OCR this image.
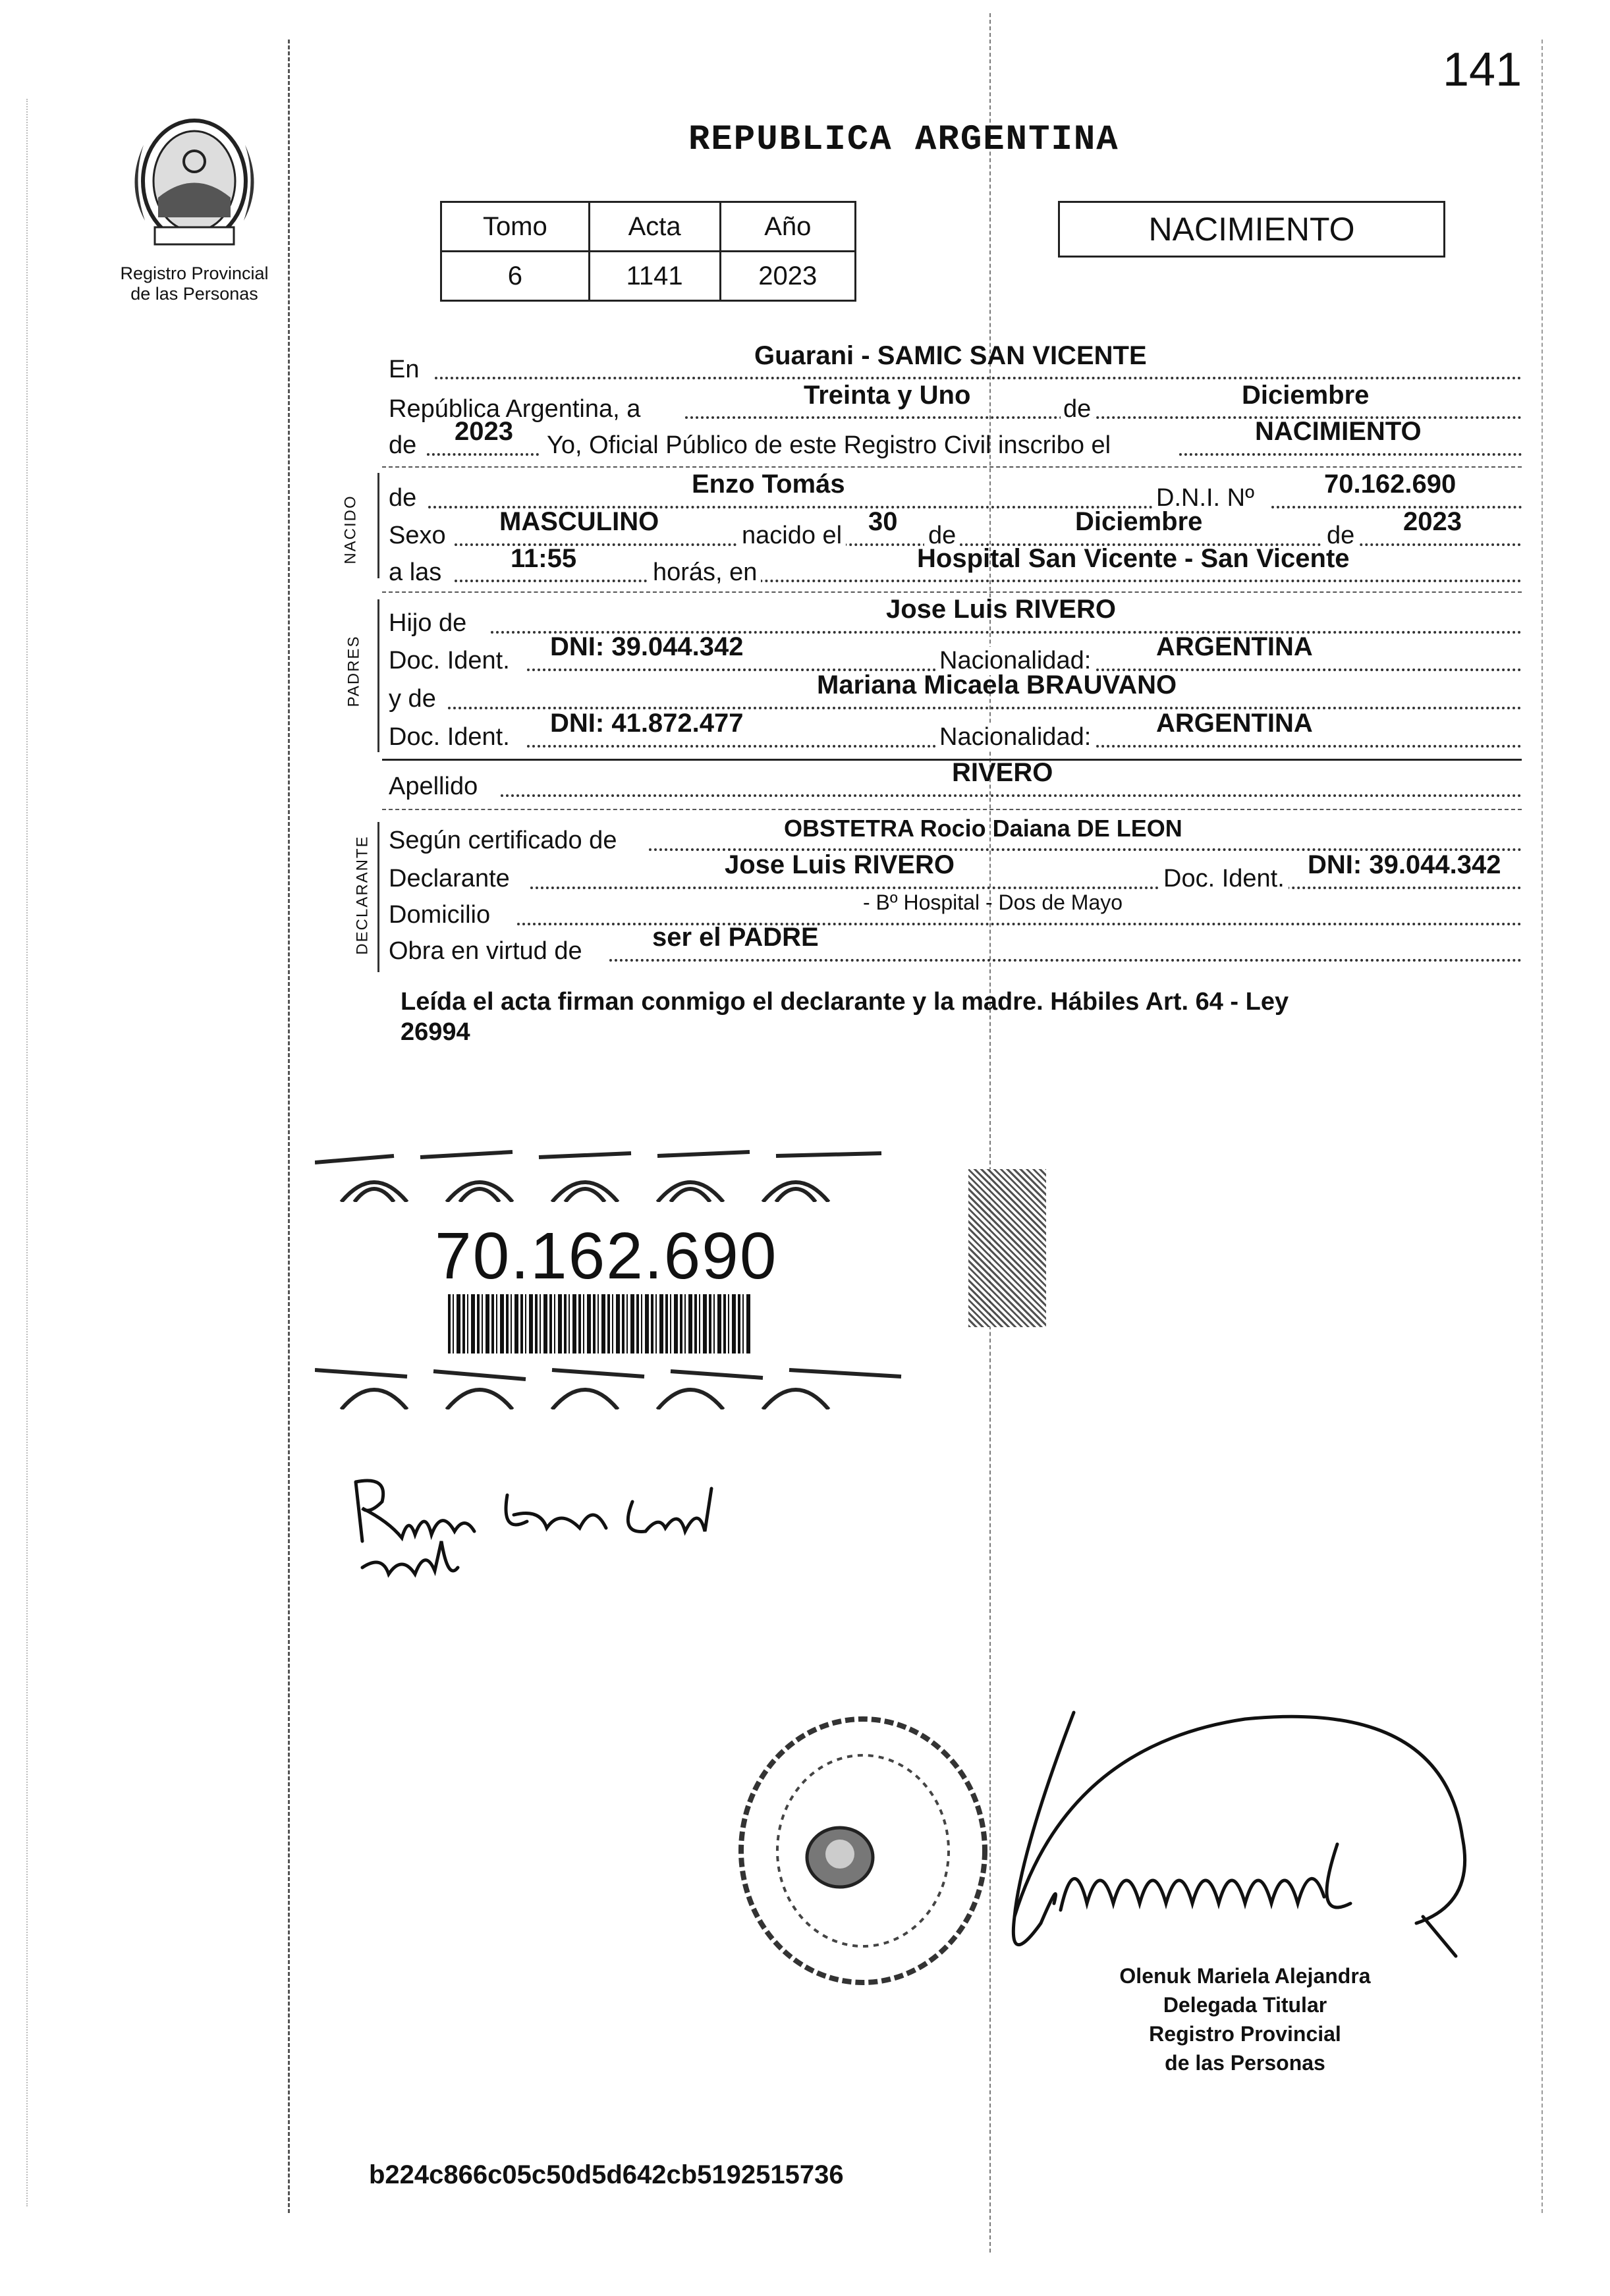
141
Registro Provincial
de las Personas
REPUBLICA ARGENTINA
Tomo	Acta	Año
6	1141	2023
NACIMIENTO
En	Guarani - SAMIC SAN VICENTE
República Argentina, a	Treinta y Uno	de	Diciembre
de 2023 Yo, Oficial Público de este Registro Civil inscribo el	NACIMIENTO
NACIDO de	Enzo Tomás	D.N.I. Nº	70.162.690
Sexo MASCULINO	nacido el 30 de	Diciembre	de 2023
a las	11:55	horás, en	Hospital San Vicente - San Vicente
PADRES
Hijo de	Jose Luis RIVERO
Doc. Ident. DNI: 39.044.342	Nacionalidad: ARGENTINA
y de	Mariana Micaela BRAUVANO
Doc. Ident. DNI: 41.872.477	Nacionalidad: ARGENTINA
Apellido	RIVERO
DECLARANTE Según certificado de	OBSTETRA Rocio Daiana DE LEON
Declarante	Jose Luis RIVERO	Doc. Ident. DNI: 39.044.342
Domicilio	- Bº Hospital - Dos de Mayo
Obra en virtud de	ser el PADRE
Leída el acta firman conmigo el declarante y la madre. Hábiles Art. 64 - Ley
26994
70.162.690
Olenuk Mariela Alejandra
Delegada Titular
Registro Provincial
de las Personas
b224c866c05c50d5d642cb5192515736
